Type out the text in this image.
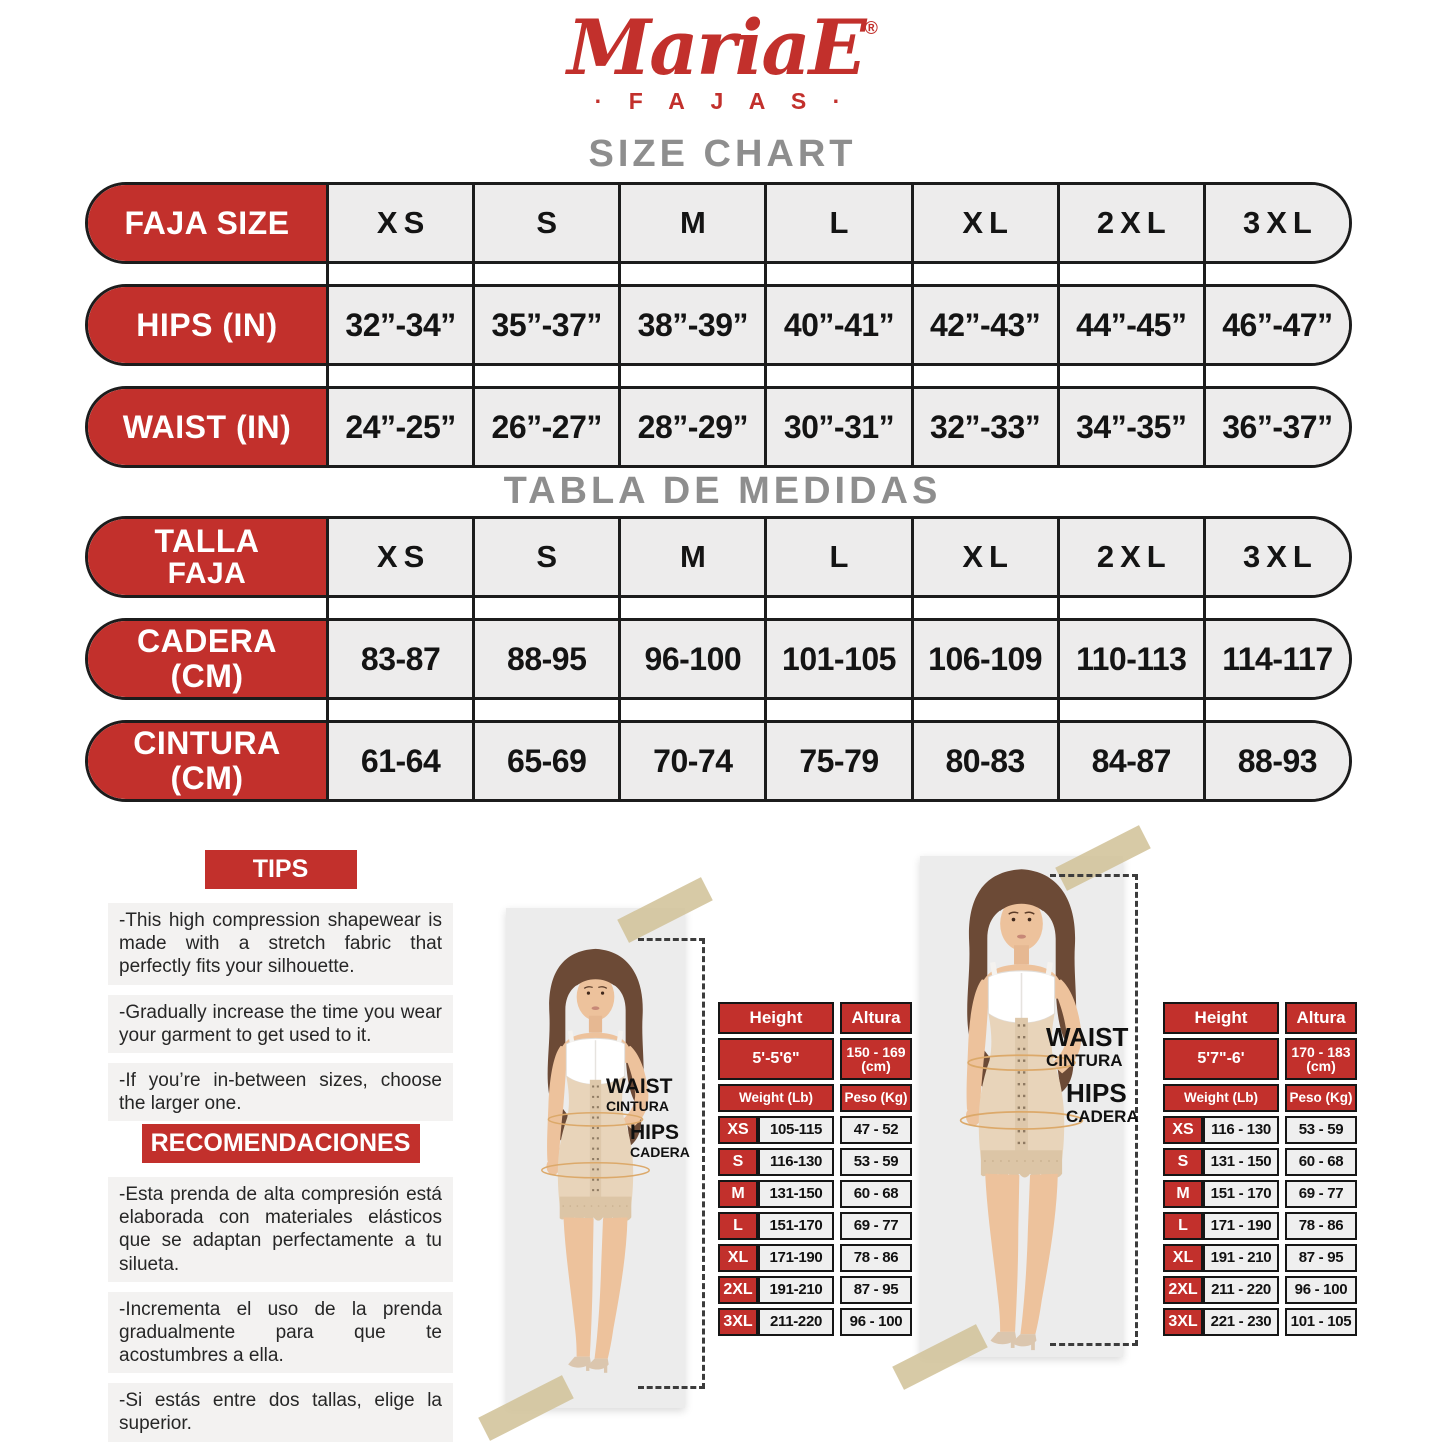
MariaE®
· F A J A S ·
SIZE CHART
FAJA SIZE	XS	S	M	L	XL	2XL	3XL
HIPS (IN)	32”-34”	35”-37”	38”-39”	40”-41”	42”-43”	44”-45”	46”-47”
WAIST (IN)	24”-25”	26”-27”	28”-29”	30”-31”	32”-33”	34”-35”	36”-37”
TABLA DE MEDIDAS
TALLA
FAJA	XS	S	M	L	XL	2XL	3XL
CADERA
(CM)	83-87	88-95	96-100	101-105	106-109	110-113	114-117
CINTURA
(CM)	61-64	65-69	70-74	75-79	80-83	84-87	88-93
TIPS

-This high compression shapewear is made with a stretch fabric that perfectly fits your silhouette.

-Gradually increase the time you wear your garment to get used to it.

-If you’re in-between sizes, choose the larger one.

RECOMENDACIONES

-Esta prenda de alta compresión está elaborada con materiales elásticos que se adaptan perfectamente a tu silueta.

-Incrementa el uso de la prenda gradualmente para que te acostumbres a ella.

-Si estás entre dos tallas, elige la superior.

WAIST
CINTURA
HIPS
CADERA
Height	Altura
5'-5'6"	150 - 169
(cm)
Weight (Lb)	Peso (Kg)
XS	105-115	47 - 52
S	116-130	53 - 59
M	131-150	60 - 68
L	151-170	69 - 77
XL	171-190	78 - 86
2XL	191-210	87 - 95
3XL	211-220	96 - 100
WAIST
CINTURA
HIPS
CADERA
Height	Altura
5'7"-6'	170 - 183
(cm)
Weight (Lb)	Peso (Kg)
XS	116 - 130	53 - 59
S	131 - 150	60 - 68
M	151 - 170	69 - 77
L	171 - 190	78 - 86
XL	191 - 210	87 - 95
2XL 211 - 220	96 - 100
3XL 221 - 230	101 - 105
